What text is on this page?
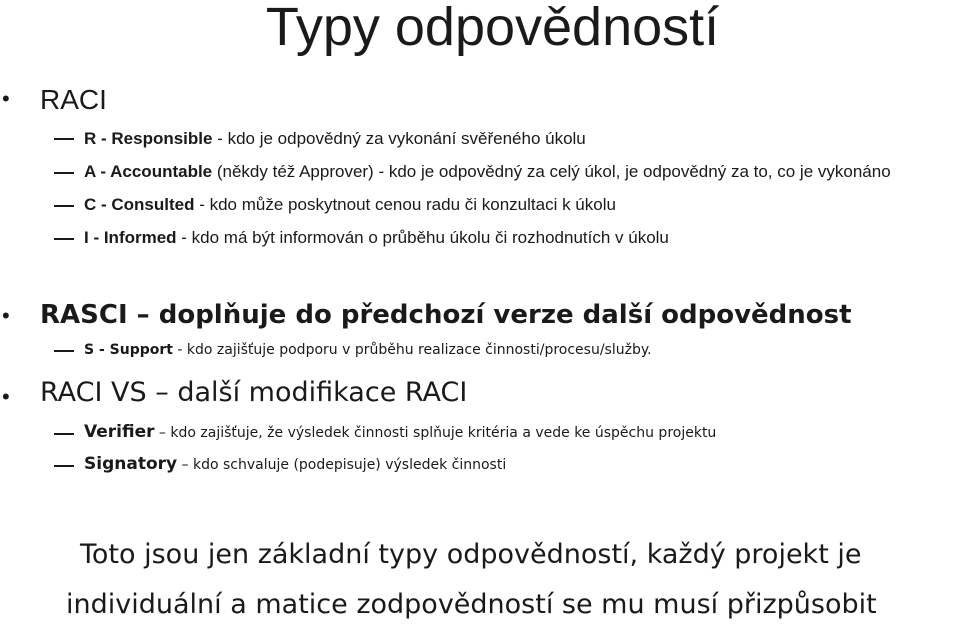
Typy odpovědností
• RACI
R - Responsible - kdo je odpovědný za vykonání svěřeného úkolu
A - Accountable (někdy též Approver) - kdo je odpovědný za celý úkol, je odpovědný za to, co je vykonáno
C - Consulted - kdo může poskytnout cenou radu či konzultaci k úkolu
I - Informed - kdo má být informován o průběhu úkolu či rozhodnutích v úkolu
• RASCI – doplňuje do předchozí verze další odpovědnost
S - Support - kdo zajišťuje podporu v průběhu realizace činnosti/procesu/služby.
• RACI VS – další modifikace RACI
Verifier – kdo zajišťuje, že výsledek činnosti splňuje kritéria a vede ke úspěchu projektu
Signatory – kdo schvaluje (podepisuje) výsledek činnosti
Toto jsou jen základní typy odpovědností, každý projekt je
individuální a matice zodpovědností se mu musí přizpůsobit
